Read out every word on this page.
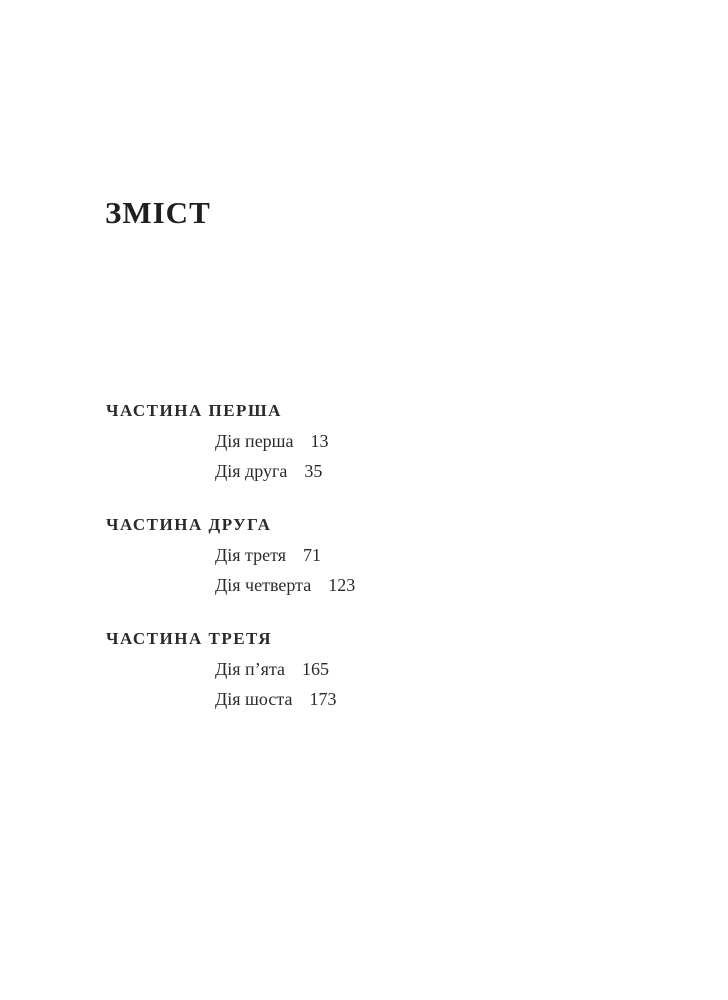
ЗМІСТ
ЧАСТИНА ПЕРША
Дія перша 13
Дія друга 35
ЧАСТИНА ДРУГА
Дія третя 71
Дія четверта 123
ЧАСТИНА ТРЕТЯ
Дія п’ята 165
Дія шоста 173
